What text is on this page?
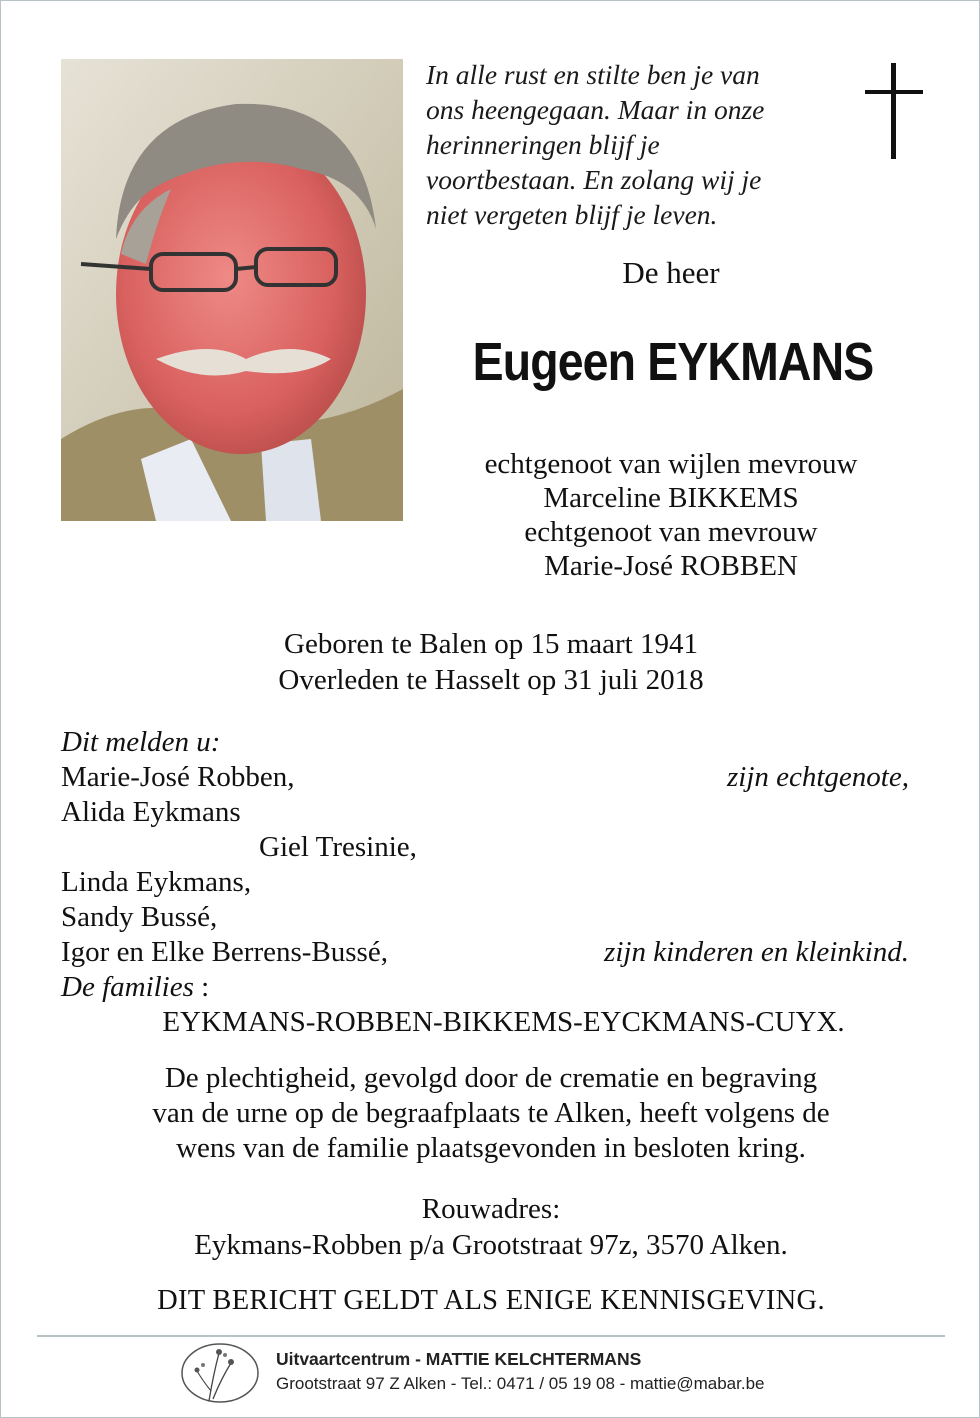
In alle rust en stilte ben je van
ons heengegaan. Maar in onze
herinneringen blijf je
voortbestaan. En zolang wij je
niet vergeten blijf je leven.
De heer
Eugeen EYKMANS
echtgenoot van wijlen mevrouw
Marceline BIKKEMS
echtgenoot van mevrouw
Marie-José ROBBEN
Geboren te Balen op 15 maart 1941
Overleden te Hasselt op 31 juli 2018
Dit melden u:
Marie-José Robben,	zijn echtgenote,
Alida Eykmans
Giel Tresinie,
Linda Eykmans,
Sandy Bussé,
Igor en Elke Berrens-Bussé,	zijn kinderen en kleinkind.
De families :
EYKMANS-ROBBEN-BIKKEMS-EYCKMANS-CUYX.
De plechtigheid, gevolgd door de crematie en begraving
van de urne op de begraafplaats te Alken, heeft volgens de
wens van de familie plaatsgevonden in besloten kring.
Rouwadres:
Eykmans-Robben p/a Grootstraat 97z, 3570 Alken.
DIT BERICHT GELDT ALS ENIGE KENNISGEVING.
Uitvaartcentrum - MATTIE KELCHTERMANS
Grootstraat 97 Z Alken - Tel.: 0471 / 05 19 08 - mattie@mabar.be
